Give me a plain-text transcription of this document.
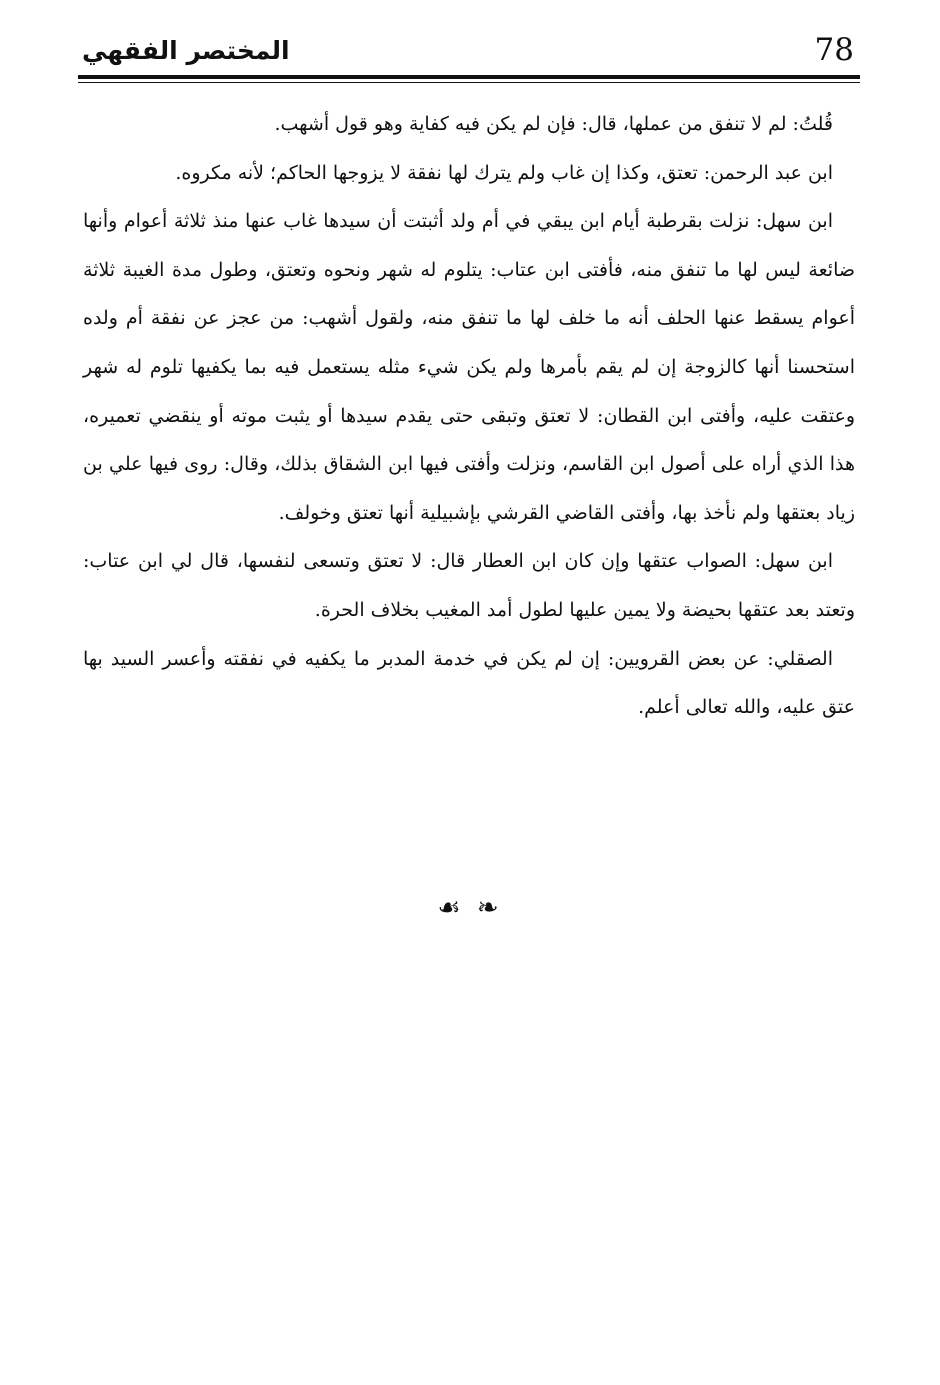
78
المختصر الفقهي

قُلتُ: لم لا تنفق من عملها، قال: فإن لم يكن فيه كفاية وهو قول أشهب.

ابن عبد الرحمن: تعتق، وكذا إن غاب ولم يترك لها نفقة لا يزوجها الحاكم؛ لأنه مكروه.

ابن سهل: نزلت بقرطبة أيام ابن يبقي في أم ولد أثبتت أن سيدها غاب عنها منذ ثلاثة أعوام وأنها ضائعة ليس لها ما تنفق منه، فأفتى ابن عتاب: يتلوم له شهر ونحوه وتعتق، وطول مدة الغيبة ثلاثة أعوام يسقط عنها الحلف أنه ما خلف لها ما تنفق منه، ولقول أشهب: من عجز عن نفقة أم ولده استحسنا أنها كالزوجة إن لم يقم بأمرها ولم يكن شيء مثله يستعمل فيه بما يكفيها تلوم له شهر وعتقت عليه، وأفتى ابن القطان: لا تعتق وتبقى حتى يقدم سيدها أو يثبت موته أو ينقضي تعميره، هذا الذي أراه على أصول ابن القاسم، ونزلت وأفتى فيها ابن الشقاق بذلك، وقال: روى فيها علي بن زياد بعتقها ولم نأخذ بها، وأفتى القاضي القرشي بإشبيلية أنها تعتق وخولف.

ابن سهل: الصواب عتقها وإن كان ابن العطار قال: لا تعتق وتسعى لنفسها، قال لي ابن عتاب: وتعتد بعد عتقها بحيضة ولا يمين عليها لطول أمد المغيب بخلاف الحرة.

الصقلي: عن بعض القرويين: إن لم يكن في خدمة المدبر ما يكفيه في نفقته وأعسر السيد بها عتق عليه، والله تعالى أعلم.

☙ ❧
